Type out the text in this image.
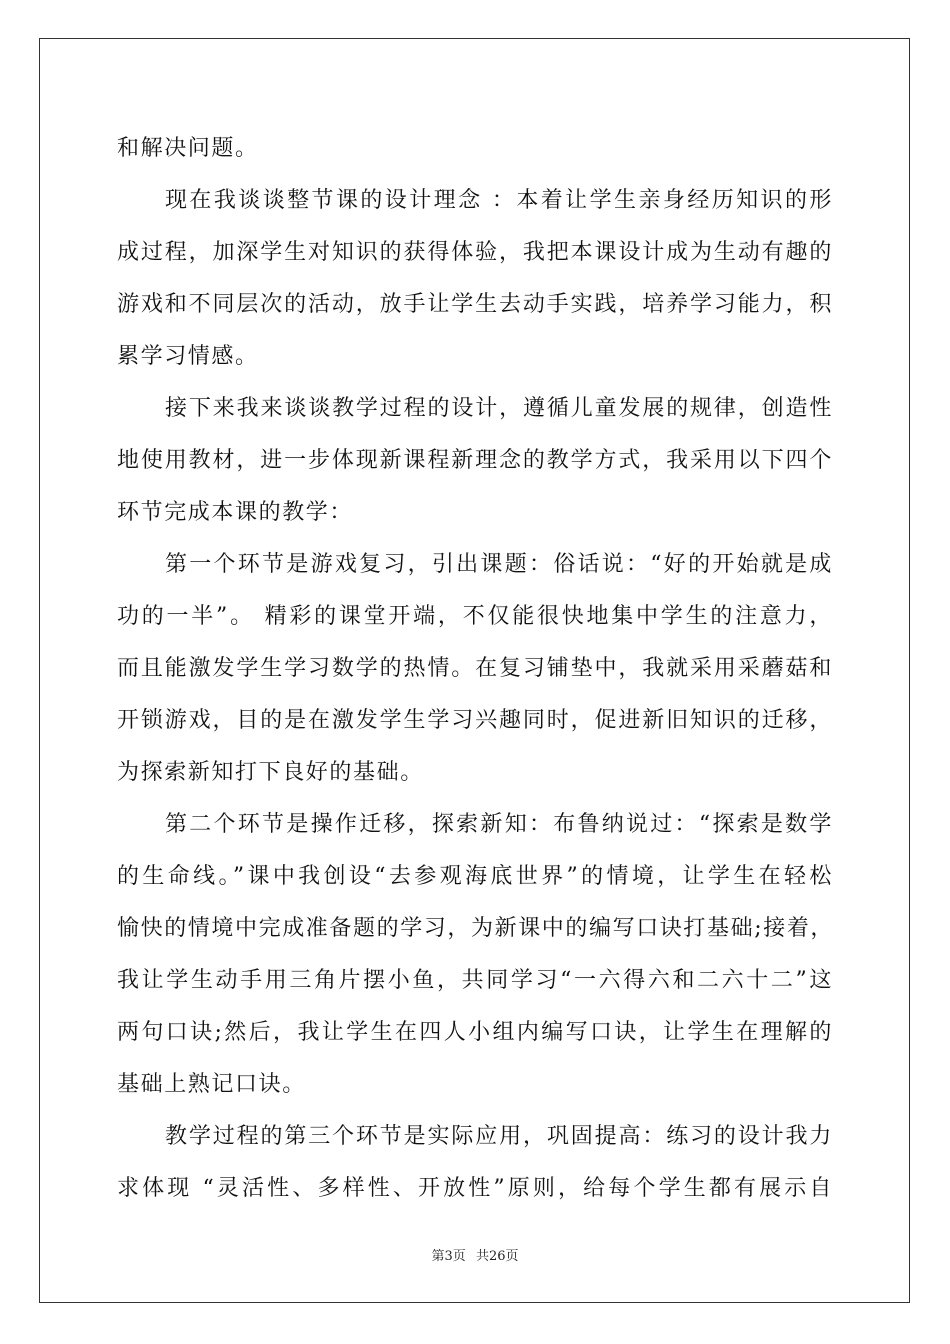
和解决问题。
现在我谈谈整节课的设计理念 ：本着让学生亲身经历知识的形
成过程，加深学生对知识的获得体验，我把本课设计成为生动有趣的
游戏和不同层次的活动，放手让学生去动手实践，培养学习能力，积
累学习情感。
接下来我来谈谈教学过程的设计，遵循儿童发展的规律，创造性
地使用教材，进一步体现新课程新理念的教学方式，我采用以下四个
环节完成本课的教学：
第一个环节是游戏复习，引出课题：俗话说：“好的开始就是成
功的一半”。 精彩的课堂开端，不仅能很快地集中学生的注意力，
而且能激发学生学习数学的热情。在复习铺垫中，我就采用采蘑菇和
开锁游戏，目的是在激发学生学习兴趣同时，促进新旧知识的迁移，
为探索新知打下良好的基础。
第二个环节是操作迁移，探索新知：布鲁纳说过：“探索是数学
的生命线。”课中我创设“去参观海底世界”的情境，让学生在轻松
愉快的情境中完成准备题的学习，为新课中的编写口诀打基础;接着，
我让学生动手用三角片摆小鱼，共同学习“一六得六和二六十二”这
两句口诀;然后，我让学生在四人小组内编写口诀，让学生在理解的
基础上熟记口诀。
教学过程的第三个环节是实际应用，巩固提高：练习的设计我力
求体现 “灵活性、多样性、开放性”原则，给每个学生都有展示自
第3页 共26页
